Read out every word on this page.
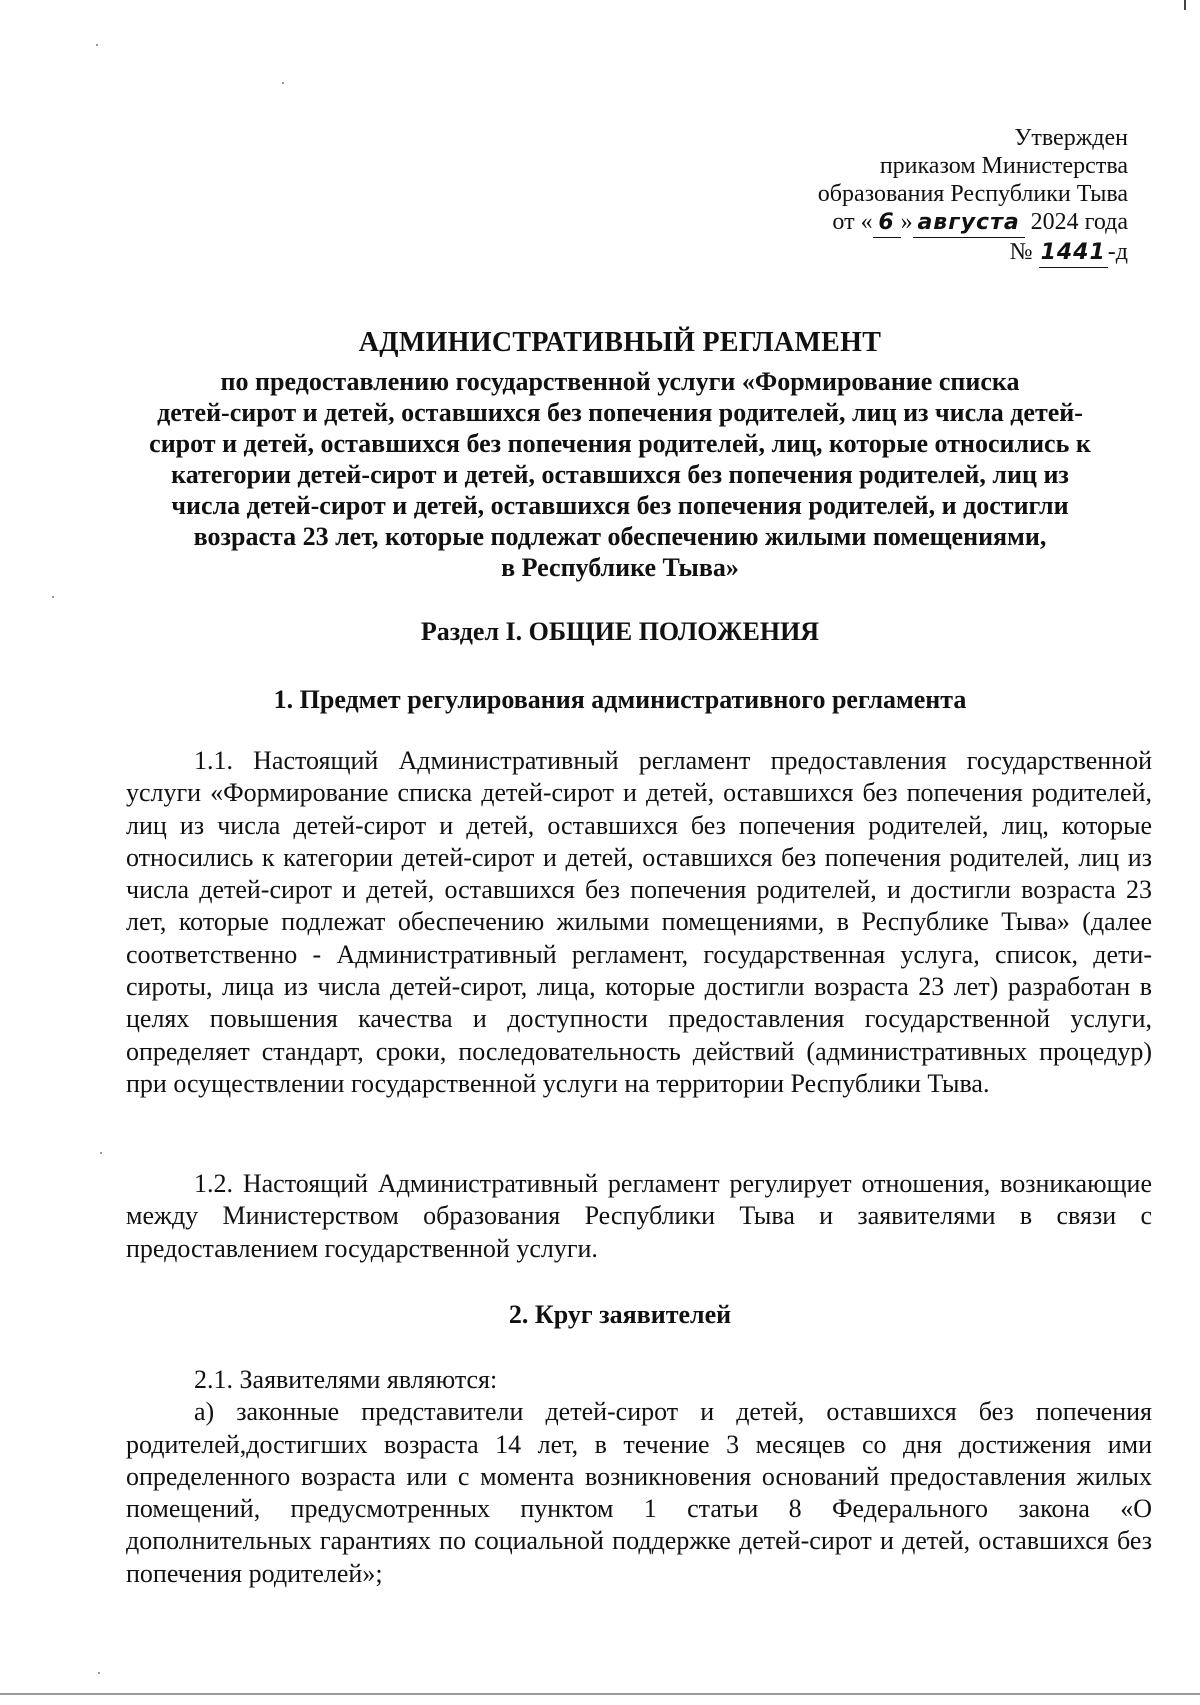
Утвержден
приказом Министерства
образования Республики Тыва
от « 6 » августа 2024 года
№ 1441-д
АДМИНИСТРАТИВНЫЙ РЕГЛАМЕНТ
по предоставлению государственной услуги «Формирование списка
детей-сирот и детей, оставшихся без попечения родителей, лиц из числа детей-
сирот и детей, оставшихся без попечения родителей, лиц, которые относились к
категории детей-сирот и детей, оставшихся без попечения родителей, лиц из
числа детей-сирот и детей, оставшихся без попечения родителей, и достигли
возраста 23 лет, которые подлежат обеспечению жилыми помещениями,
в Республике Тыва»
Раздел I. ОБЩИЕ ПОЛОЖЕНИЯ
1. Предмет регулирования административного регламента

1.1. Настоящий Административный регламент предоставления государственной услуги «Формирование списка детей-сирот и детей, оставшихся без попечения родителей, лиц из числа детей-сирот и детей, оставшихся без попечения родителей, лиц, которые относились к категории детей-сирот и детей, оставшихся без попечения родителей, лиц из числа детей-сирот и детей, оставшихся без попечения родителей, и достигли возраста 23 лет, которые подлежат обеспечению жилыми помещениями, в Республике Тыва» (далее соответственно - Административный регламент, государственная услуга, список, дети-сироты, лица из числа детей-сирот, лица, которые достигли возраста 23 лет) разработан в целях повышения качества и доступности предоставления государственной услуги, определяет стандарт, сроки, последовательность действий (административных процедур) при осуществлении государственной услуги на территории Республики Тыва.

1.2. Настоящий Административный регламент регулирует отношения, возникающие между Министерством образования Республики Тыва и заявителями в связи с предоставлением государственной услуги.

2. Круг заявителей

2.1. Заявителями являются:

а) законные представители детей-сирот и детей, оставшихся без попечения родителей,достигших возраста 14 лет, в течение 3 месяцев со дня достижения ими определенного возраста или с момента возникновения оснований предоставления жилых помещений, предусмотренных пунктом 1 статьи 8 Федерального закона «О дополнительных гарантиях по социальной поддержке детей-сирот и детей, оставшихся без попечения родителей»;
